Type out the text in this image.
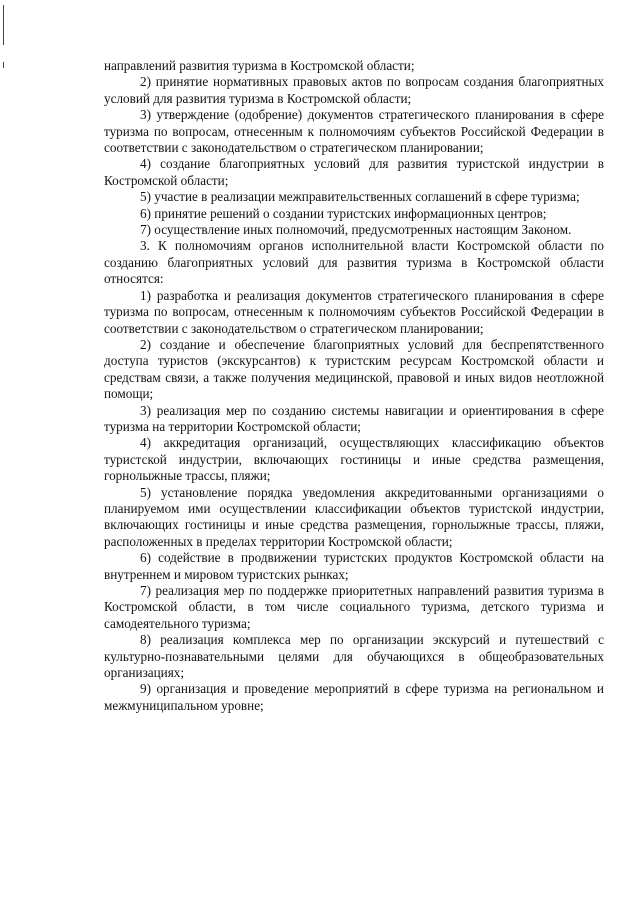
направлений развития туризма в Костромской области;

2) принятие нормативных правовых актов по вопросам создания благоприятных условий для развития туризма в Костромской области;

3) утверждение (одобрение) документов стратегического планирования в сфере туризма по вопросам, отнесенным к полномочиям субъектов Российской Федерации в соответствии с законодательством о стратегическом планировании;

4) создание благоприятных условий для развития туристской индустрии в Костромской области;

5) участие в реализации межправительственных соглашений в сфере туризма;

6) принятие решений о создании туристских информационных центров;

7) осуществление иных полномочий, предусмотренных настоящим Законом.

3. К полномочиям органов исполнительной власти Костромской области по созданию благоприятных условий для развития туризма в Костромской области относятся:

1) разработка и реализация документов стратегического планирования в сфере туризма по вопросам, отнесенным к полномочиям субъектов Российской Федерации в соответствии с законодательством о стратегическом планировании;

2) создание и обеспечение благоприятных условий для беспрепятственного доступа туристов (экскурсантов) к туристским ресурсам Костромской области и средствам связи, а также получения медицинской, правовой и иных видов неотложной помощи;

3) реализация мер по созданию системы навигации и ориентирования в сфере туризма на территории Костромской области;

4) аккредитация организаций, осуществляющих классификацию объектов туристской индустрии, включающих гостиницы и иные средства размещения, горнолыжные трассы, пляжи;

5) установление порядка уведомления аккредитованными организациями о планируемом ими осуществлении классификации объектов туристской индустрии, включающих гостиницы и иные средства размещения, горнолыжные трассы, пляжи, расположенных в пределах территории Костромской области;

6) содействие в продвижении туристских продуктов Костромской области на внутреннем и мировом туристских рынках;

7) реализация мер по поддержке приоритетных направлений развития туризма в Костромской области, в том числе социального туризма, детского туризма и самодеятельного туризма;

8) реализация комплекса мер по организации экскурсий и путешествий с культурно-познавательными целями для обучающихся в общеобразовательных организациях;

9) организация и проведение мероприятий в сфере туризма на региональном и межмуниципальном уровне;
